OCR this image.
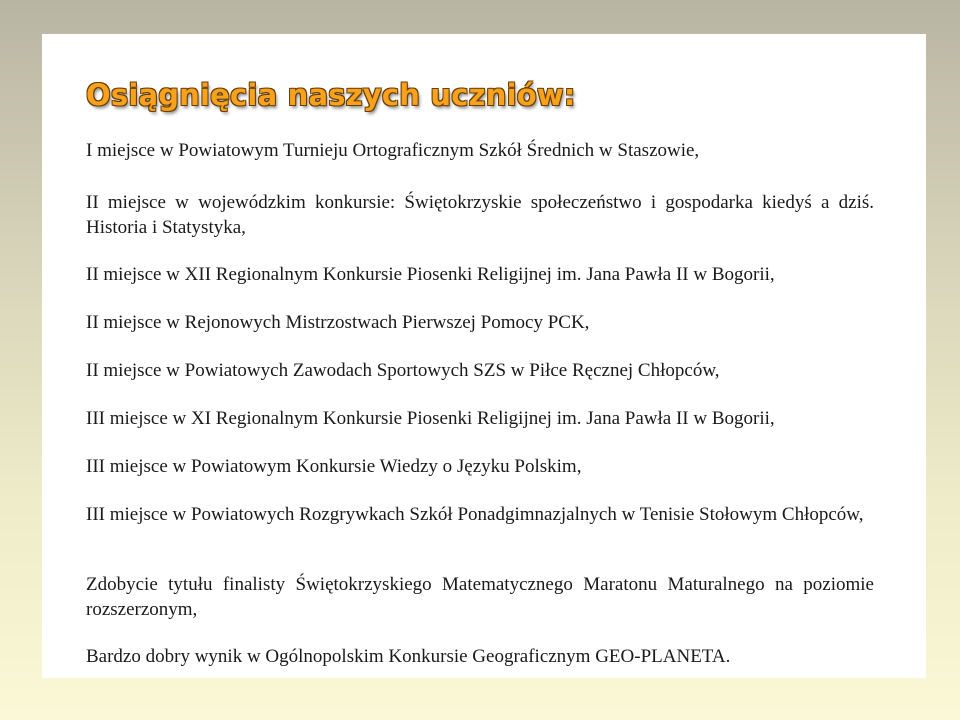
Osiągnięcia naszych uczniów:
I miejsce w Powiatowym Turnieju Ortograficznym Szkół Średnich w Staszowie,
II miejsce w wojewódzkim konkursie: Świętokrzyskie społeczeństwo i gospodarka kiedyś a dziś. Historia i Statystyka,
II miejsce w XII Regionalnym Konkursie Piosenki Religijnej im. Jana Pawła II w Bogorii,
II miejsce w Rejonowych Mistrzostwach Pierwszej Pomocy PCK,
II miejsce w Powiatowych Zawodach Sportowych SZS w Piłce Ręcznej Chłopców,
III miejsce w XI Regionalnym Konkursie Piosenki Religijnej im. Jana Pawła II w Bogorii,
III miejsce w Powiatowym Konkursie Wiedzy o Języku Polskim,
III miejsce w Powiatowych Rozgrywkach Szkół Ponadgimnazjalnych w Tenisie Stołowym Chłopców,
Zdobycie tytułu finalisty Świętokrzyskiego Matematycznego Maratonu Maturalnego na poziomie rozszerzonym,
Bardzo dobry wynik w Ogólnopolskim Konkursie Geograficznym GEO-PLANETA.
